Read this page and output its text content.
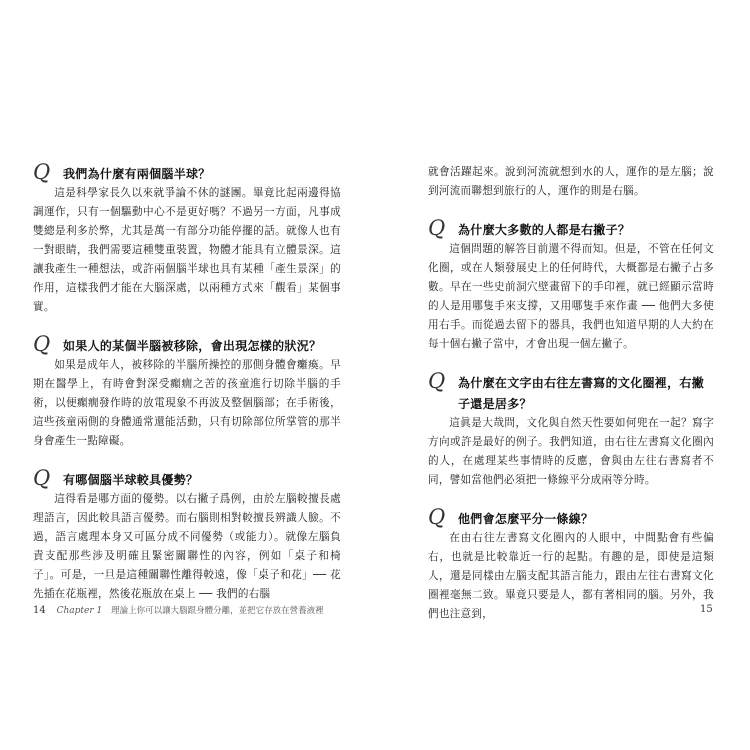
Q 我們為什麼有兩個腦半球？

這是科學家長久以來就爭論不休的謎團。畢竟比起兩邊得協調運作，只有一個驅動中心不是更好嗎？不過另一方面，凡事成雙總是利多於弊，尤其是萬一有部分功能停擺的話。就像人也有一對眼睛，我們需要這種雙重裝置，物體才能具有立體景深。這讓我產生一種想法，或許兩個腦半球也具有某種「產生景深」的作用，這樣我們才能在大腦深處，以兩種方式來「觀看」某個事實。

Q 如果人的某個半腦被移除，會出現怎樣的狀況？

如果是成年人，被移除的半腦所操控的那側身體會癱瘓。早期在醫學上，有時會對深受癲癇之苦的孩童進行切除半腦的手術，以便癲癇發作時的放電現象不再波及整個腦部；在手術後，這些孩童兩側的身體通常還能活動，只有切除部位所掌管的那半身會產生一點障礙。

Q 有哪個腦半球較具優勢？

這得看是哪方面的優勢。以右撇子爲例，由於左腦較擅長處理語言，因此較具語言優勢。而右腦則相對較擅長辨識人臉。不過，語言處理本身又可區分成不同優勢（或能力）。就像左腦負責支配那些涉及明確且緊密關聯性的內容，例如「桌子和椅子」。可是，一旦是這種關聯性離得較遠，像「桌子和花」── 花先插在花瓶裡，然後花瓶放在桌上 ── 我們的右腦

14 Chapter 1 理論上你可以讓大腦跟身體分離，並把它存放在營養液裡

就會活躍起來。說到河流就想到水的人，運作的是左腦；說到河流而聯想到旅行的人，運作的則是右腦。

Q 為什麼大多數的人都是右撇子？

這個問題的解答目前還不得而知。但是，不管在任何文化圈，或在人類發展史上的任何時代，大概都是右撇子占多數。早在一些史前洞穴壁畫留下的手印裡，就已經顯示當時的人是用哪隻手來支撐，又用哪隻手來作畫 ── 他們大多使用右手。而從過去留下的器具，我們也知道早期的人大約在每十個右撇子當中，才會出現一個左撇子。

Q 為什麼在文字由右往左書寫的文化圈裡，右撇子還是居多？

這眞是大哉問，文化與自然天性要如何兜在一起？寫字方向或許是最好的例子。我們知道，由右往左書寫文化圈內的人，在處理某些事情時的反應，會與由左往右書寫者不同，譬如當他們必須把一條線平分成兩等分時。

Q 他們會怎麼平分一條線？

在由右往左書寫文化圈內的人眼中，中間點會有些偏右，也就是比較靠近一行的起點。有趣的是，即使是這類人，還是同樣由左腦支配其語言能力，跟由左往右書寫文化圈裡毫無二致。畢竟只要是人，都有著相同的腦。另外，我們也注意到，	15
